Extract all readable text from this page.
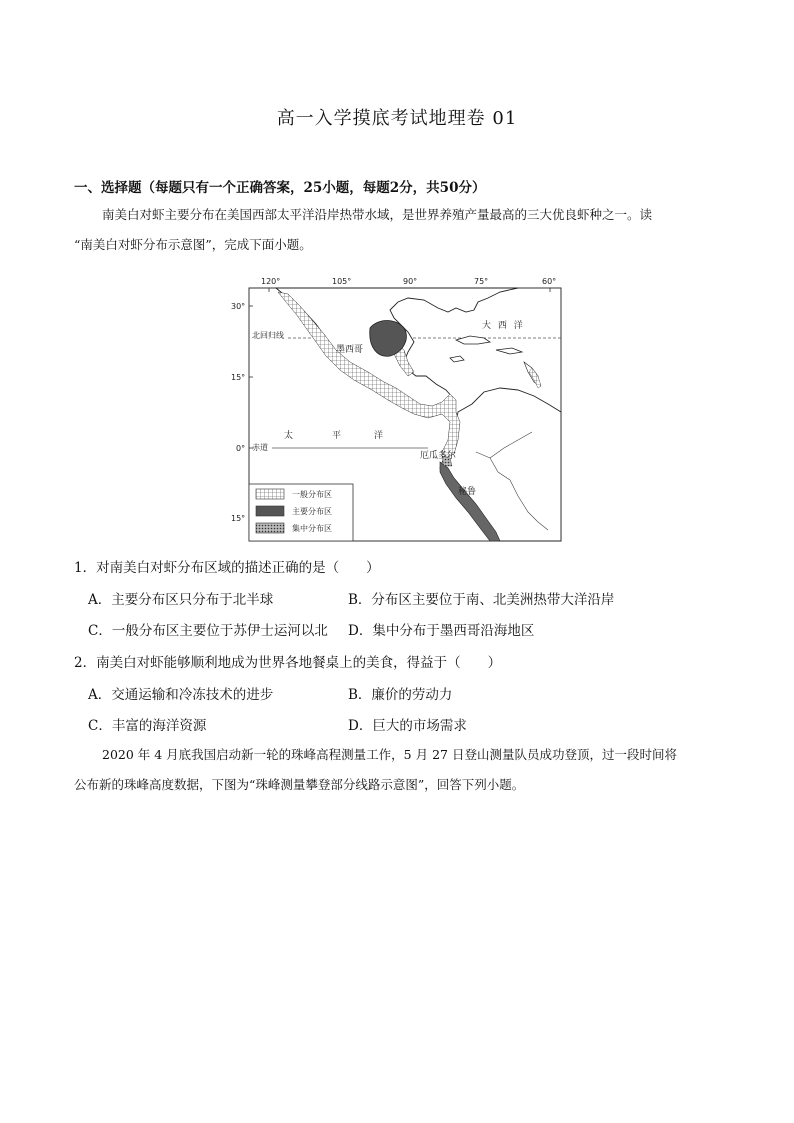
高一入学摸底考试地理卷 01
一、选择题（每题只有一个正确答案，25小题，每题2分，共50分）
南美白对虾主要分布在美国西部太平洋沿岸热带水域，是世界养殖产量最高的三大优良虾种之一。读
“南美白对虾分布示意图”，完成下面小题。
120°	105°	90°	75°	60°
30°
15°
0°
15°
北回归线
赤道
墨西哥
厄瓜多尔
秘鲁
大 西 洋
太	平	洋
一般分布区
主要分布区
集中分布区
1．对南美白对虾分布区域的描述正确的是（　　）
A．主要分布区只分布于北半球	B．分布区主要位于南、北美洲热带大洋沿岸
C．一般分布区主要位于苏伊士运河以北 D．集中分布于墨西哥沿海地区
2．南美白对虾能够顺利地成为世界各地餐桌上的美食，得益于（　　）
A．交通运输和冷冻技术的进步	B．廉价的劳动力
C．丰富的海洋资源	D．巨大的市场需求
2020 年 4 月底我国启动新一轮的珠峰高程测量工作，5 月 27 日登山测量队员成功登顶，过一段时间将
公布新的珠峰高度数据，下图为“珠峰测量攀登部分线路示意图”，回答下列小题。
